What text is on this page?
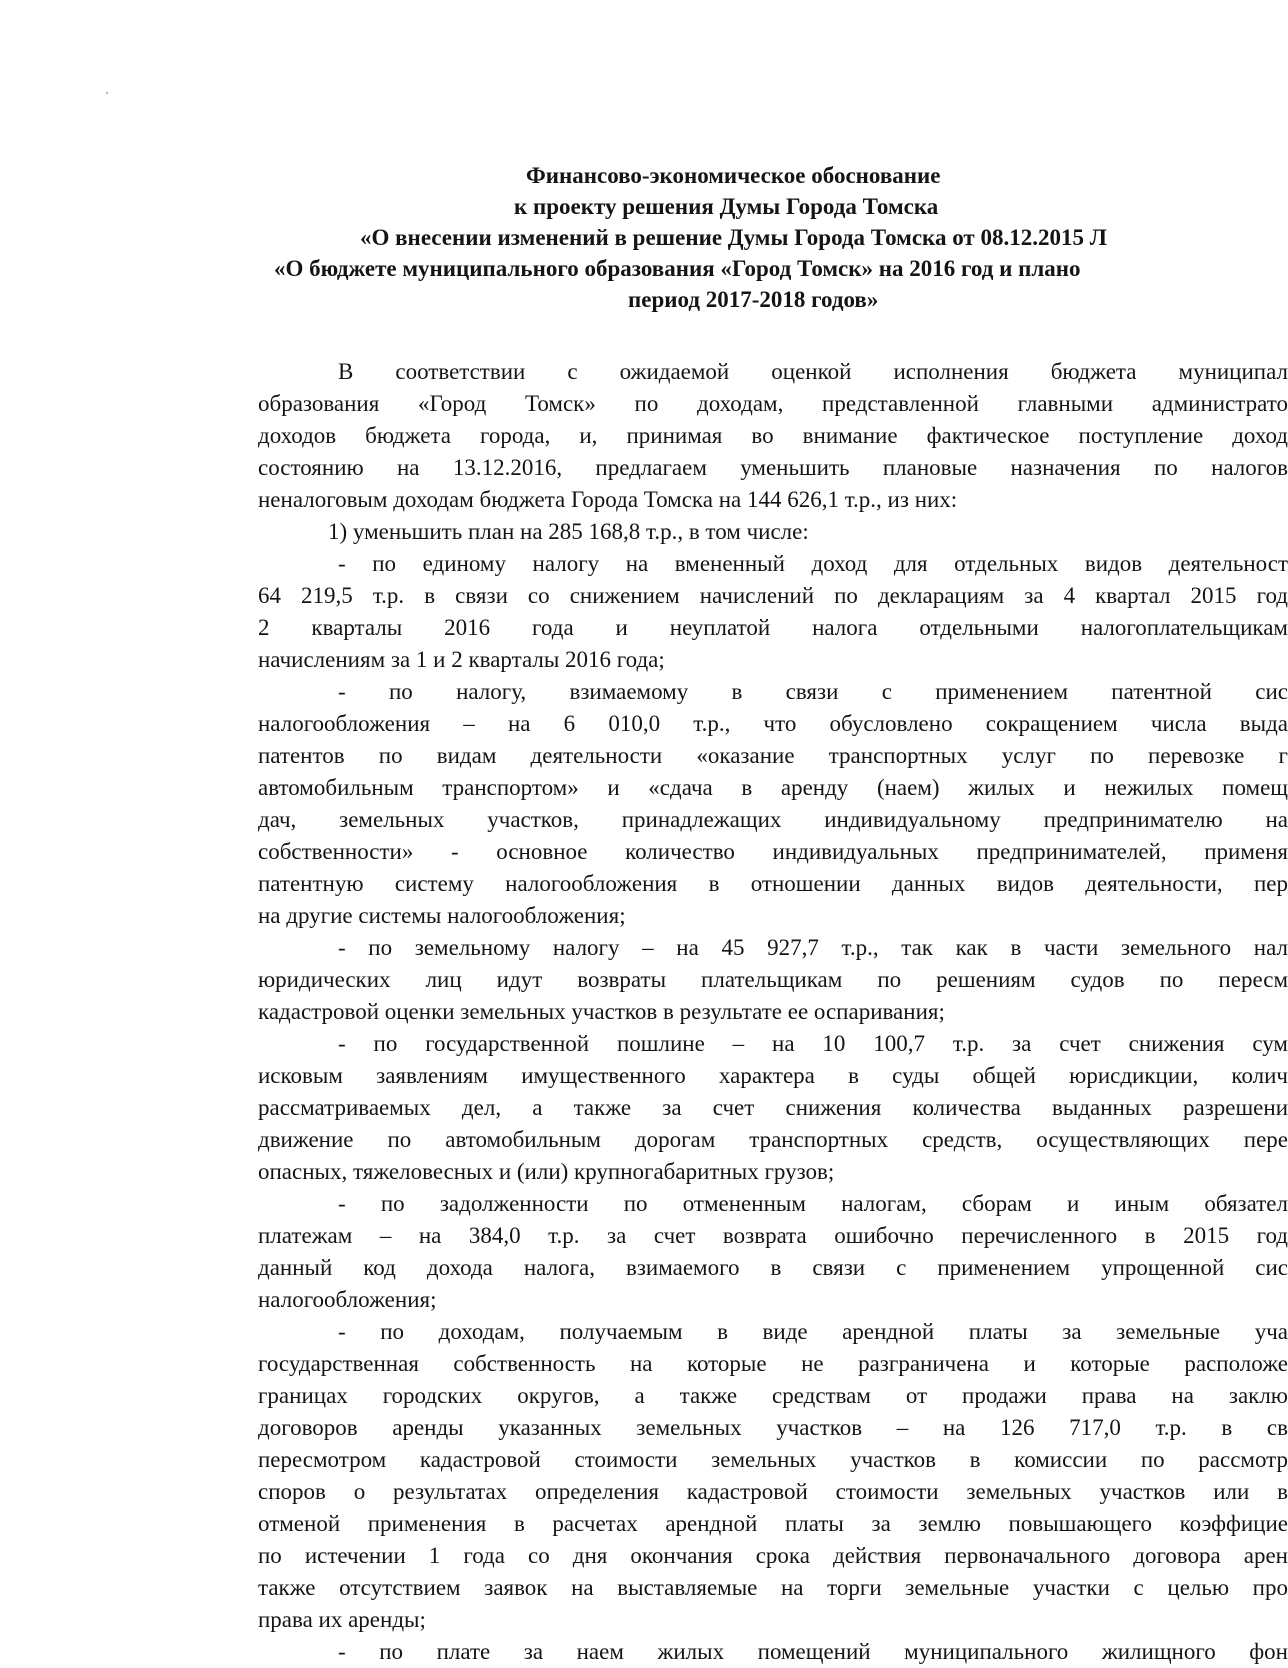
Финансово-экономическое обоснование
к проекту решения Думы Города Томска
«О внесении изменений в решение Думы Города Томска от 08.12.2015 Л
«О бюджете муниципального образования «Город Томск» на 2016 год и плано
период 2017-2018 годов»
В соответствии с ожидаемой оценкой исполнения бюджета муниципал
образования «Город Томск» по доходам, представленной главными администрато
доходов бюджета города, и, принимая во внимание фактическое поступление доход
состоянию на 13.12.2016, предлагаем уменьшить плановые назначения по налогов
неналоговым доходам бюджета Города Томска на 144 626,1 т.р., из них:
1) уменьшить план на 285 168,8 т.р., в том числе:
- по единому налогу на вмененный доход для отдельных видов деятельност
64 219,5 т.р. в связи со снижением начислений по декларациям за 4 квартал 2015 год
2 кварталы 2016 года и неуплатой налога отдельными налогоплательщикам
начислениям за 1 и 2 кварталы 2016 года;
- по налогу, взимаемому в связи с применением патентной сис
налогообложения – на 6 010,0 т.р., что обусловлено сокращением числа выда
патентов по видам деятельности «оказание транспортных услуг по перевозке г
автомобильным транспортом» и «сдача в аренду (наем) жилых и нежилых помещ
дач, земельных участков, принадлежащих индивидуальному предпринимателю на
собственности» - основное количество индивидуальных предпринимателей, применя
патентную систему налогообложения в отношении данных видов деятельности, пер
на другие системы налогообложения;
- по земельному налогу – на 45 927,7 т.р., так как в части земельного нал
юридических лиц идут возвраты плательщикам по решениям судов по пересм
кадастровой оценки земельных участков в результате ее оспаривания;
- по государственной пошлине – на 10 100,7 т.р. за счет снижения сум
исковым заявлениям имущественного характера в суды общей юрисдикции, колич
рассматриваемых дел, а также за счет снижения количества выданных разрешени
движение по автомобильным дорогам транспортных средств, осуществляющих пере
опасных, тяжеловесных и (или) крупногабаритных грузов;
- по задолженности по отмененным налогам, сборам и иным обязател
платежам – на 384,0 т.р. за счет возврата ошибочно перечисленного в 2015 год
данный код дохода налога, взимаемого в связи с применением упрощенной сис
налогообложения;
- по доходам, получаемым в виде арендной платы за земельные уча
государственная собственность на которые не разграничена и которые расположе
границах городских округов, а также средствам от продажи права на заклю
договоров аренды указанных земельных участков – на 126 717,0 т.р. в св
пересмотром кадастровой стоимости земельных участков в комиссии по рассмотр
споров о результатах определения кадастровой стоимости земельных участков или в
отменой применения в расчетах арендной платы за землю повышающего коэффицие
по истечении 1 года со дня окончания срока действия первоначального договора арен
также отсутствием заявок на выставляемые на торги земельные участки с целью про
права их аренды;
- по плате за наем жилых помещений муниципального жилищного фон
